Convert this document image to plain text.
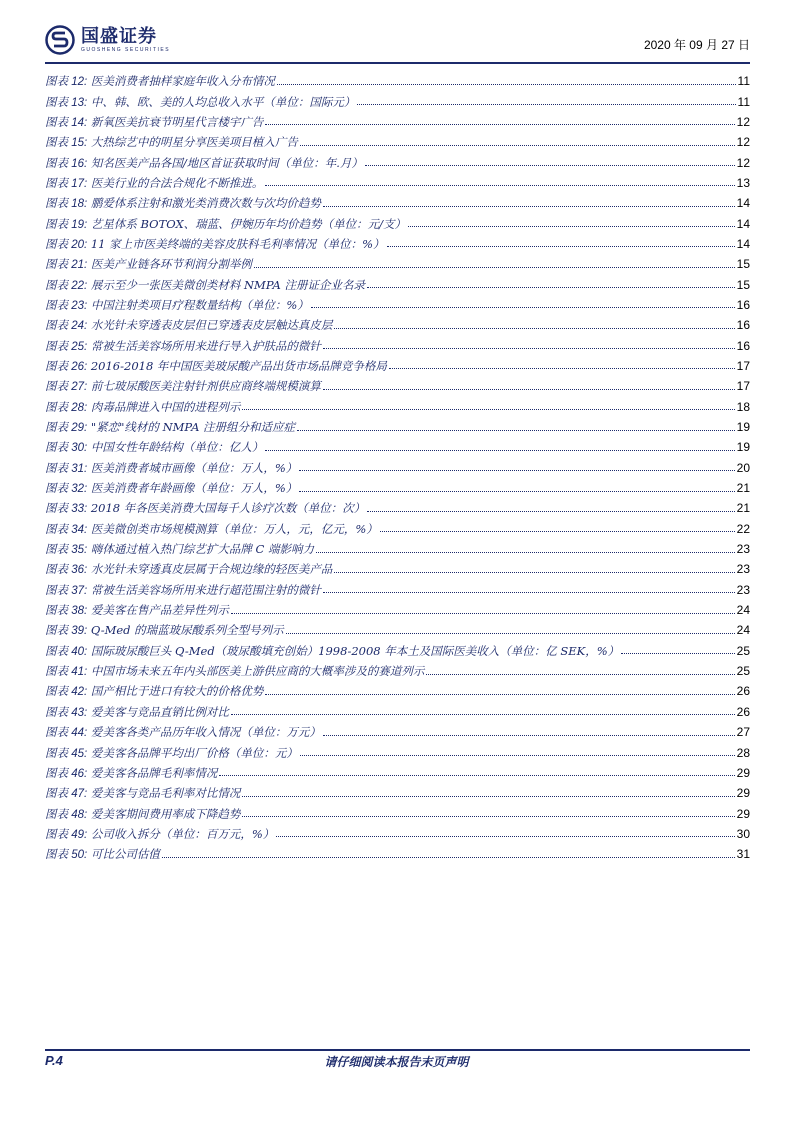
国盛证券
GUOSHENG SECURITIES	2020 年 09 月 27 日
图表 12: 医美消费者抽样家庭年收入分布情况	11
图表 13: 中、韩、欧、美的人均总收入水平（单位：国际元）	11
图表 14: 新氧医美抗衰节明星代言楼宇广告	12
图表 15: 大热综艺中的明星分享医美项目植入广告	12
图表 16: 知名医美产品各国/地区首证获取时间（单位：年.月）	12
图表 17: 医美行业的合法合规化不断推进。	13
图表 18: 鹏爱体系注射和激光类消费次数与次均价趋势	14
图表 19: 艺星体系 BOTOX、瑞蓝、伊婉历年均价趋势（单位：元/支）	14
图表 20: 11 家上市医美终端的美容皮肤科毛利率情况（单位：%）	14
图表 21: 医美产业链各环节利润分割举例	15
图表 22: 展示至少一张医美微创类材料 NMPA 注册证企业名录	15
图表 23: 中国注射类项目疗程数量结构（单位：%）	16
图表 24: 水光针未穿透表皮层但已穿透表皮层触达真皮层	16
图表 25: 常被生活美容场所用来进行导入护肤品的微针	16
图表 26: 2016-2018 年中国医美玻尿酸产品出货市场品牌竞争格局	17
图表 27: 前七玻尿酸医美注射针剂供应商终端规模演算	17
图表 28: 肉毒品牌进入中国的进程列示	18
图表 29: "紧恋"线材的 NMPA 注册组分和适应症	19
图表 30: 中国女性年龄结构（单位：亿人）	19
图表 31: 医美消费者城市画像（单位：万人，%）	20
图表 32: 医美消费者年龄画像（单位：万人，%）	21
图表 33: 2018 年各医美消费大国每千人诊疗次数（单位：次）	21
图表 34: 医美微创类市场规模测算（单位：万人，元，亿元，%）	22
图表 35: 嗨体通过植入热门综艺扩大品牌 C 端影响力	23
图表 36: 水光针未穿透真皮层属于合规边缘的轻医美产品	23
图表 37: 常被生活美容场所用来进行超范围注射的微针	23
图表 38: 爱美客在售产品差异性列示	24
图表 39: Q-Med 的瑞蓝玻尿酸系列全型号列示	24
图表 40: 国际玻尿酸巨头 Q-Med（玻尿酸填充创始）1998-2008 年本土及国际医美收入（单位：亿 SEK，%）	25
图表 41: 中国市场未来五年内头部医美上游供应商的大概率涉及的赛道列示	25
图表 42: 国产相比于进口有较大的价格优势	26
图表 43: 爱美客与竞品直销比例对比	26
图表 44: 爱美客各类产品历年收入情况（单位：万元）	27
图表 45: 爱美客各品牌平均出厂价格（单位：元）	28
图表 46: 爱美客各品牌毛利率情况	29
图表 47: 爱美客与竞品毛利率对比情况	29
图表 48: 爱美客期间费用率成下降趋势	29
图表 49: 公司收入拆分（单位：百万元，%）	30
图表 50: 可比公司估值	31
P.4	请仔细阅读本报告末页声明
